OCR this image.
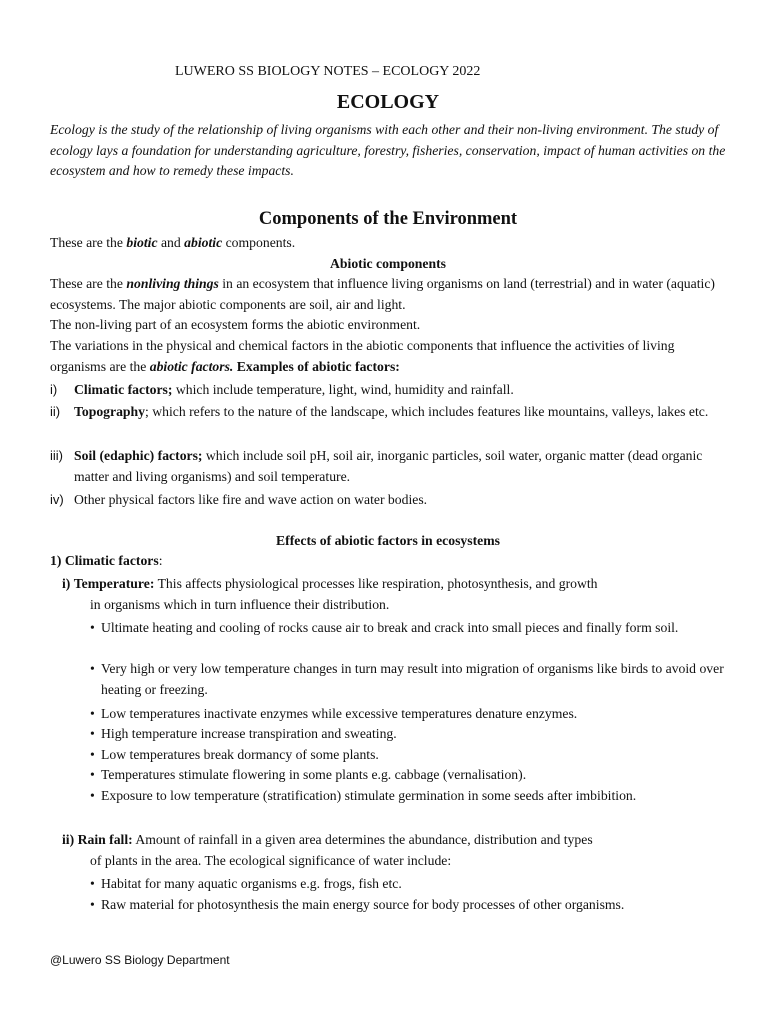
LUWERO SS BIOLOGY NOTES – ECOLOGY 2022
ECOLOGY
Ecology is the study of the relationship of living organisms with each other and their non-living environment. The study of ecology lays a foundation for understanding agriculture, forestry, fisheries, conservation, impact of human activities on the ecosystem and how to remedy these impacts.
Components of the Environment
These are the biotic and abiotic components.
Abiotic components
These are the nonliving things in an ecosystem that influence living organisms on land (terrestrial) and in water (aquatic) ecosystems. The major abiotic components are soil, air and light.
The non-living part of an ecosystem forms the abiotic environment.
The variations in the physical and chemical factors in the abiotic components that influence the activities of living organisms are the abiotic factors. Examples of abiotic factors:
i) Climatic factors; which include temperature, light, wind, humidity and rainfall.
ii) Topography; which refers to the nature of the landscape, which includes features like mountains, valleys, lakes etc.
iii) Soil (edaphic) factors; which include soil pH, soil air, inorganic particles, soil water, organic matter (dead organic matter and living organisms) and soil temperature.
iv) Other physical factors like fire and wave action on water bodies.
Effects of abiotic factors in ecosystems
1) Climatic factors:
i) Temperature: This affects physiological processes like respiration, photosynthesis, and growth
in organisms which in turn influence their distribution.
• Ultimate heating and cooling of rocks cause air to break and crack into small pieces and finally form soil.
• Very high or very low temperature changes in turn may result into migration of organisms like birds to avoid over heating or freezing.
• Low temperatures inactivate enzymes while excessive temperatures denature enzymes.
• High temperature increase transpiration and sweating.
• Low temperatures break dormancy of some plants.
• Temperatures stimulate flowering in some plants e.g. cabbage (vernalisation).
• Exposure to low temperature (stratification) stimulate germination in some seeds after imbibition.
ii) Rain fall: Amount of rainfall in a given area determines the abundance, distribution and types
of plants in the area. The ecological significance of water include:
• Habitat for many aquatic organisms e.g. frogs, fish etc.
• Raw material for photosynthesis the main energy source for body processes of other organisms.
@Luwero SS Biology Department
